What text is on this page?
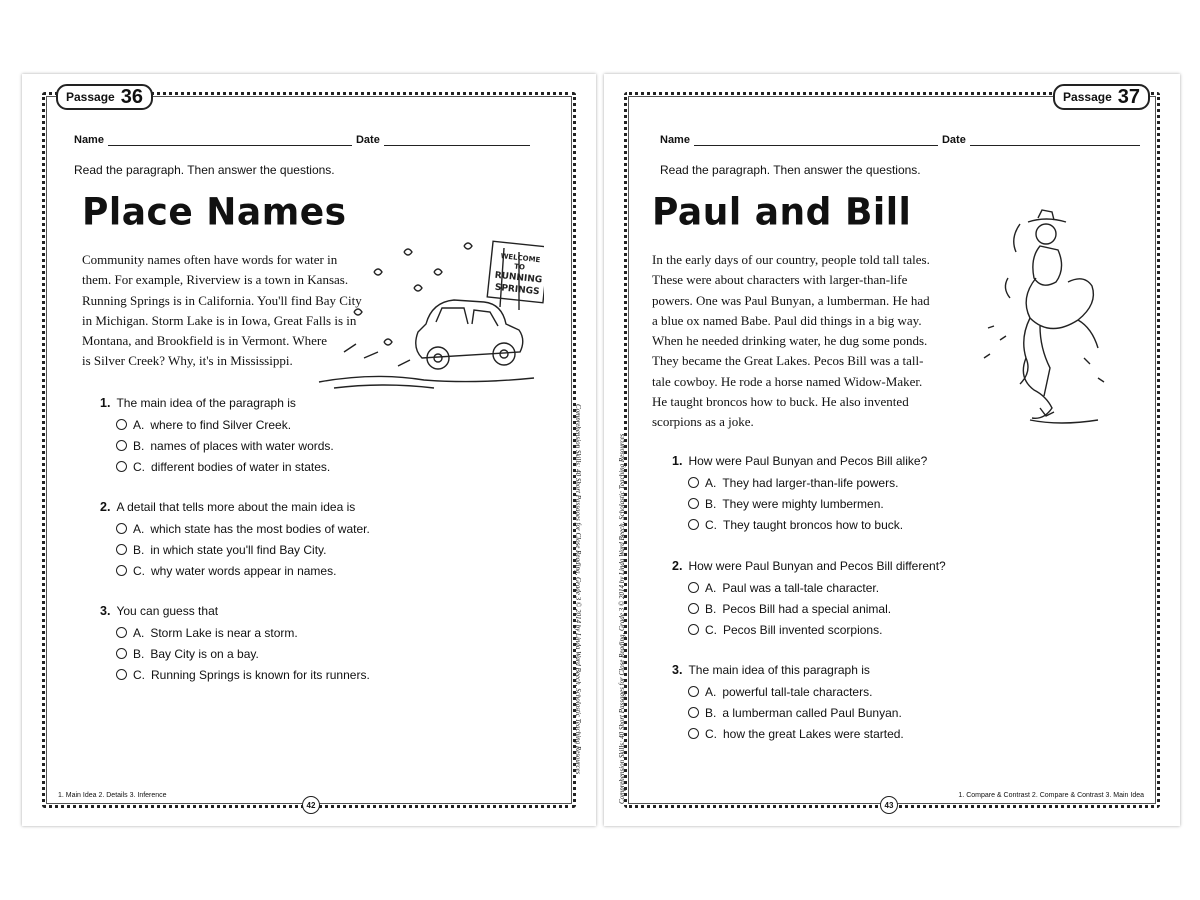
Passage 36
Name	Date
Read the paragraph. Then answer the questions.
Place Names
Community names often have words for water in
them. For example, Riverview is a town in Kansas.
Running Springs is in California. You'll find Bay City
in Michigan. Storm Lake is in Iowa, Great Falls is in
Montana, and Brookfield is in Vermont. Where
is Silver Creek? Why, it's in Mississippi.
WELCOME
TO
RUNNING
SPRINGS
1. The main idea of the paragraph is
A. where to find Silver Creek.
B. names of places with water words.
C. different bodies of water in states.
2. A detail that tells more about the main idea is
A. which state has the most bodies of water.
B. in which state you'll find Bay City.
C. why water words appear in names.
3. You can guess that
A. Storm Lake is near a storm.
B. Bay City is on a bay.
C. Running Springs is known for its runners.
1. Main Idea 2. Details 3. Inference
42
Comprehension Skills: 40 Short Passages for Close Reading, Grade 3 © 2014 by Linda Ward Beech, Scholastic Teaching Resources
Passage 37
Name	Date
Read the paragraph. Then answer the questions.
Paul and Bill
In the early days of our country, people told tall tales.
These were about characters with larger-than-life
powers. One was Paul Bunyan, a lumberman. He had
a blue ox named Babe. Paul did things in a big way.
When he needed drinking water, he dug some ponds.
They became the Great Lakes. Pecos Bill was a tall-
tale cowboy. He rode a horse named Widow-Maker.
He taught broncos how to buck. He also invented
scorpions as a joke.
1. How were Paul Bunyan and Pecos Bill alike?
A. They had larger-than-life powers.
B. They were mighty lumbermen.
C. They taught broncos how to buck.
2. How were Paul Bunyan and Pecos Bill different?
A. Paul was a tall-tale character.
B. Pecos Bill had a special animal.
C. Pecos Bill invented scorpions.
3. The main idea of this paragraph is
A. powerful tall-tale characters.
B. a lumberman called Paul Bunyan.
C. how the great Lakes were started.
1. Compare & Contrast 2. Compare & Contrast 3. Main Idea
43
Comprehension Skills: 40 Short Passages for Close Reading, Grade 3 © 2014 by Linda Ward Beech, Scholastic Teaching Resources
